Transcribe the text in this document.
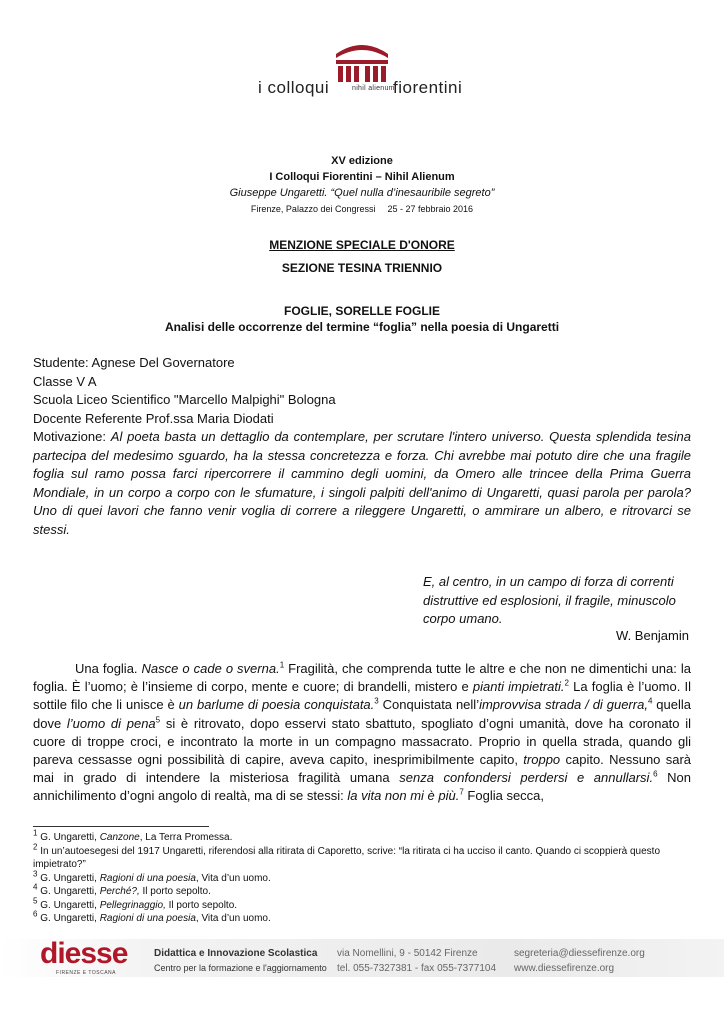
i colloqui	fiorentini
nihil alienum
XV edizione
I Colloqui Fiorentini – Nihil Alienum
Giuseppe Ungaretti. “Quel nulla d’inesauribile segreto”
Firenze, Palazzo dei Congressi 25 - 27 febbraio 2016
MENZIONE SPECIALE D'ONORE
SEZIONE TESINA TRIENNIO
FOGLIE, SORELLE FOGLIE
Analisi delle occorrenze del termine “foglia” nella poesia di Ungaretti
Studente: Agnese Del Governatore
Classe V A
Scuola Liceo Scientifico "Marcello Malpighi" Bologna
Docente Referente Prof.ssa Maria Diodati
Motivazione: Al poeta basta un dettaglio da contemplare, per scrutare l'intero universo. Questa splendida tesina partecipa del medesimo sguardo, ha la stessa concretezza e forza. Chi avrebbe mai potuto dire che una fragile foglia sul ramo possa farci ripercorrere il cammino degli uomini, da Omero alle trincee della Prima Guerra Mondiale, in un corpo a corpo con le sfumature, i singoli palpiti dell'animo di Ungaretti, quasi parola per parola? Uno di quei lavori che fanno venir voglia di correre a rileggere Ungaretti, o ammirare un albero, e ritrovarci se stessi.
E, al centro, in un campo di forza di correnti distruttive ed esplosioni, il fragile, minuscolo corpo umano.
W. Benjamin

Una foglia. Nasce o cade o sverna.$^1$ Fragilità, che comprenda tutte le altre e che non ne dimentichi una: la foglia. È l’uomo; è l’insieme di corpo, mente e cuore; di brandelli, mistero e pianti impietrati.$^2$ La foglia è l’uomo. Il sottile filo che li unisce è un barlume di poesia conquistata.$^3$ Conquistata nell’improvvisa strada / di guerra,$^4$ quella dove l’uomo di pena$^5$ si è ritrovato, dopo esservi stato sbattuto, spogliato d’ogni umanità, dove ha coronato il cuore di troppe croci, e incontrato la morte in un compagno massacrato. Proprio in quella strada, quando gli pareva cessasse ogni possibilità di capire, aveva capito, inesprimibilmente capito, troppo capito. Nessuno sarà mai in grado di intendere la misteriosa fragilità umana senza confondersi perdersi e annullarsi.$^6$ Non annichilimento d’ogni angolo di realtà, ma di se stessi: la vita non mi è più.$^7$ Foglia secca,

$^1$ G. Ungaretti, Canzone, La Terra Promessa.
$^2$ In un’autoesegesi del 1917 Ungaretti, riferendosi alla ritirata di Caporetto, scrive: “la ritirata ci ha ucciso il canto. Quando ci scoppierà questo impietrato?”
$^3$ G. Ungaretti, Ragioni di una poesia, Vita d’un uomo.
$^4$ G. Ungaretti, Perché?, Il porto sepolto.
$^5$ G. Ungaretti, Pellegrinaggio, Il porto sepolto.
$^6$ G. Ungaretti, Ragioni di una poesia, Vita d’un uomo.
diesse
FIRENZE E TOSCANA
Didattica e Innovazione Scolastica
Centro per la formazione e l'aggiornamento
via Nomellini, 9 - 50142 Firenze
tel. 055-7327381 - fax 055-7377104
segreteria@diessefirenze.org
www.diessefirenze.org
